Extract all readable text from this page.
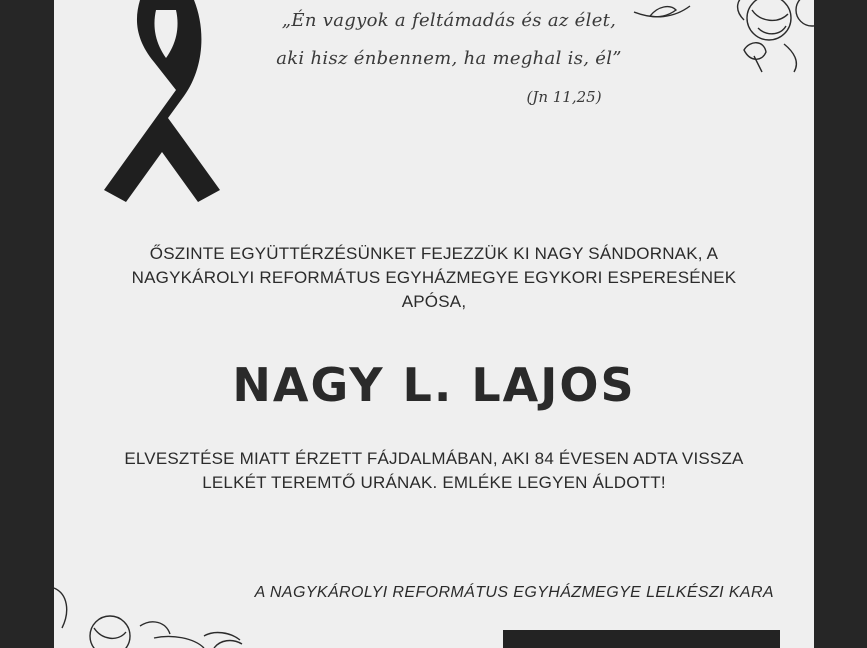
„Én vagyok a feltámadás és az élet,
aki hisz énbennem, ha meghal is, él”
(Jn 11,25)
ŐSZINTE EGYÜTTÉRZÉSÜNKET FEJEZZÜK KI NAGY SÁNDORNAK, A
NAGYKÁROLYI REFORMÁTUS EGYHÁZMEGYE EGYKORI ESPERESÉNEK
APÓSA,
NAGY L. LAJOS
ELVESZTÉSE MIATT ÉRZETT FÁJDALMÁBAN, AKI 84 ÉVESEN ADTA VISSZA
LELKÉT TEREMTŐ URÁNAK. EMLÉKE LEGYEN ÁLDOTT!
A NAGYKÁROLYI REFORMÁTUS EGYHÁZMEGYE LELKÉSZI KARA
